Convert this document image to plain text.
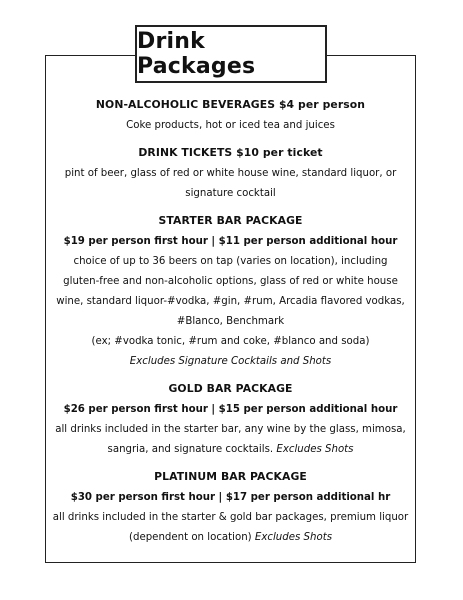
Drink Packages
NON-ALCOHOLIC BEVERAGES $4 per person
Coke products, hot or iced tea and juices
DRINK TICKETS $10 per ticket
pint of beer, glass of red or white house wine, standard liquor, or
signature cocktail
STARTER BAR PACKAGE
$19 per person first hour | $11 per person additional hour
choice of up to 36 beers on tap (varies on location), including
gluten-free and non-alcoholic options, glass of red or white house
wine, standard liquor-#vodka, #gin, #rum, Arcadia flavored vodkas,
#Blanco, Benchmark
(ex; #vodka tonic, #rum and coke, #blanco and soda)
Excludes Signature Cocktails and Shots
GOLD BAR PACKAGE
$26 per person first hour | $15 per person additional hour
all drinks included in the starter bar, any wine by the glass, mimosa,
sangria, and signature cocktails. Excludes Shots
PLATINUM BAR PACKAGE
$30 per person first hour | $17 per person additional hr
all drinks included in the starter & gold bar packages, premium liquor
(dependent on location) Excludes Shots
